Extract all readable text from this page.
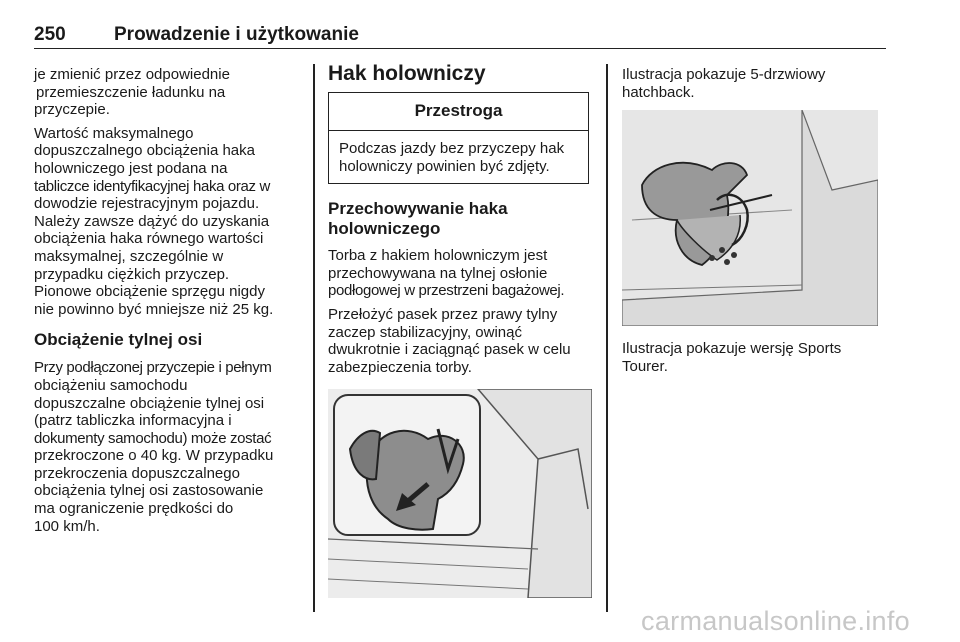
250	Prowadzenie i użytkowanie

je zmienić przez odpowiednie

przemieszczenie ładunku na

przyczepie.

Wartość maksymalnego

dopuszczalnego obciążenia haka

holowniczego jest podana na

tabliczce identyfikacyjnej haka oraz w

dowodzie rejestracyjnym pojazdu.

Należy zawsze dążyć do uzyskania

obciążenia haka równego wartości

maksymalnej, szczególnie w

przypadku ciężkich przyczep.

Pionowe obciążenie sprzęgu nigdy

nie powinno być mniejsze niż 25 kg.

Obciążenie tylnej osi

Przy podłączonej przyczepie i pełnym

obciążeniu samochodu

dopuszczalne obciążenie tylnej osi

(patrz tabliczka informacyjna i

dokumenty samochodu) może zostać

przekroczone o 40 kg. W przypadku

przekroczenia dopuszczalnego

obciążenia tylnej osi zastosowanie

ma ograniczenie prędkości do

100 km/h.

Hak holowniczy
Przestroga
Podczas jazdy bez przyczepy hak
holowniczy powinien być zdjęty.
Przechowywanie haka
holowniczego

Torba z hakiem holowniczym jest

przechowywana na tylnej osłonie

podłogowej w przestrzeni bagażowej.

Przełożyć pasek przez prawy tylny

zaczep stabilizacyjny, owinąć

dwukrotnie i zaciągnąć pasek w celu

zabezpieczenia torby.

Ilustracja pokazuje 5-drzwiowy

hatchback.

Ilustracja pokazuje wersję Sports

Tourer.

carmanualsonline.info
